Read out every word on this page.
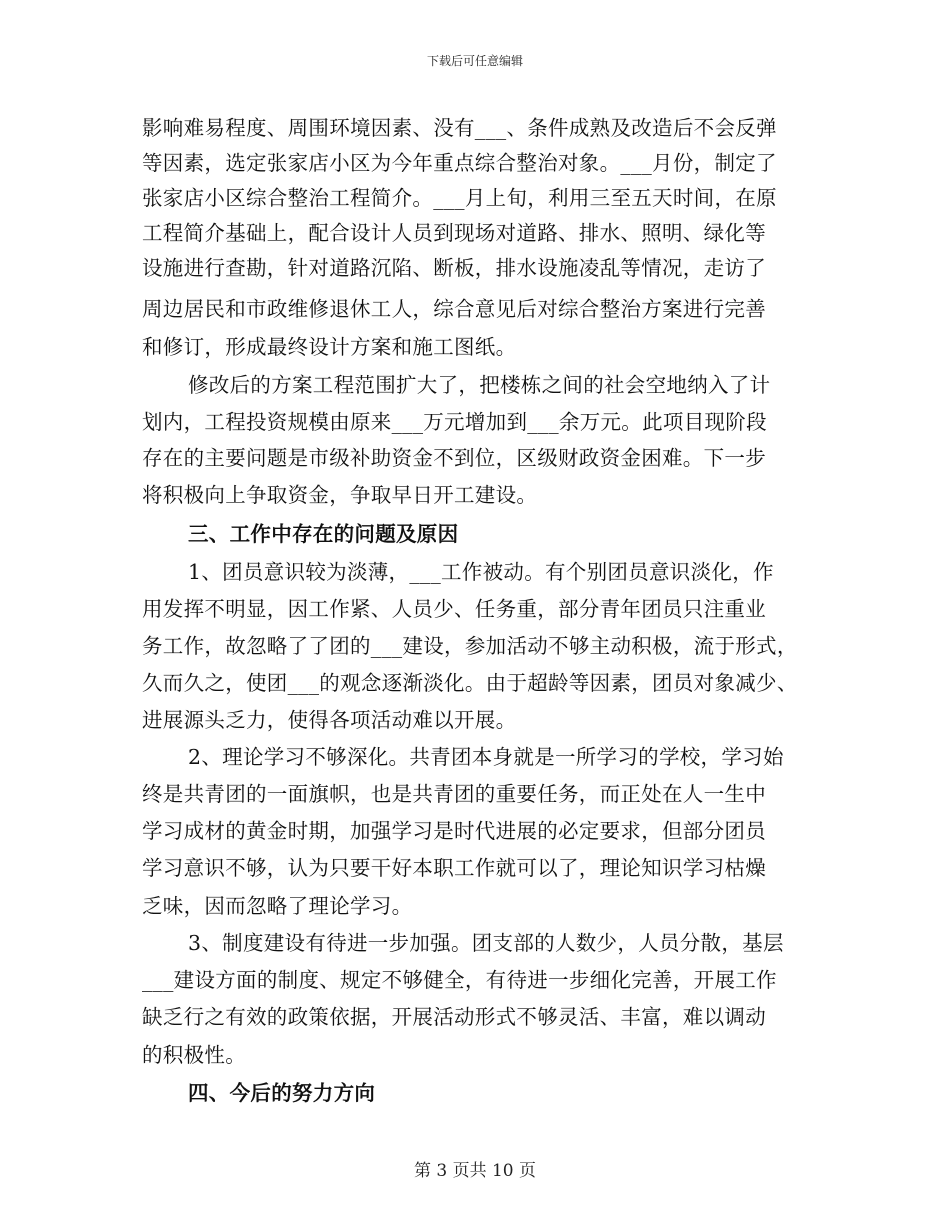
下载后可任意编辑
影响难易程度、周围环境因素、没有___、条件成熟及改造后不会反弹
等因素，选定张家店小区为今年重点综合整治对象。___月份，制定了
张家店小区综合整治工程简介。___月上旬，利用三至五天时间，在原
工程简介基础上，配合设计人员到现场对道路、排水、照明、绿化等
设施进行查勘，针对道路沉陷、断板，排水设施凌乱等情况，走访了
周边居民和市政维修退休工人，综合意见后对综合整治方案进行完善
和修订，形成最终设计方案和施工图纸。
修改后的方案工程范围扩大了，把楼栋之间的社会空地纳入了计
划内，工程投资规模由原来___万元增加到___余万元。此项目现阶段
存在的主要问题是市级补助资金不到位，区级财政资金困难。下一步
将积极向上争取资金，争取早日开工建设。
三、工作中存在的问题及原因
1、团员意识较为淡薄，___工作被动。有个别团员意识淡化，作
用发挥不明显，因工作紧、人员少、任务重，部分青年团员只注重业
务工作，故忽略了了团的___建设，参加活动不够主动积极，流于形式，
久而久之，使团___的观念逐渐淡化。由于超龄等因素，团员对象减少、
进展源头乏力，使得各项活动难以开展。
2、理论学习不够深化。共青团本身就是一所学习的学校，学习始
终是共青团的一面旗帜，也是共青团的重要任务，而正处在人一生中
学习成材的黄金时期，加强学习是时代进展的必定要求，但部分团员
学习意识不够，认为只要干好本职工作就可以了，理论知识学习枯燥
乏味，因而忽略了理论学习。
3、制度建设有待进一步加强。团支部的人数少，人员分散，基层
___建设方面的制度、规定不够健全，有待进一步细化完善，开展工作
缺乏行之有效的政策依据，开展活动形式不够灵活、丰富，难以调动
的积极性。
四、今后的努力方向
第 3 页共 10 页
